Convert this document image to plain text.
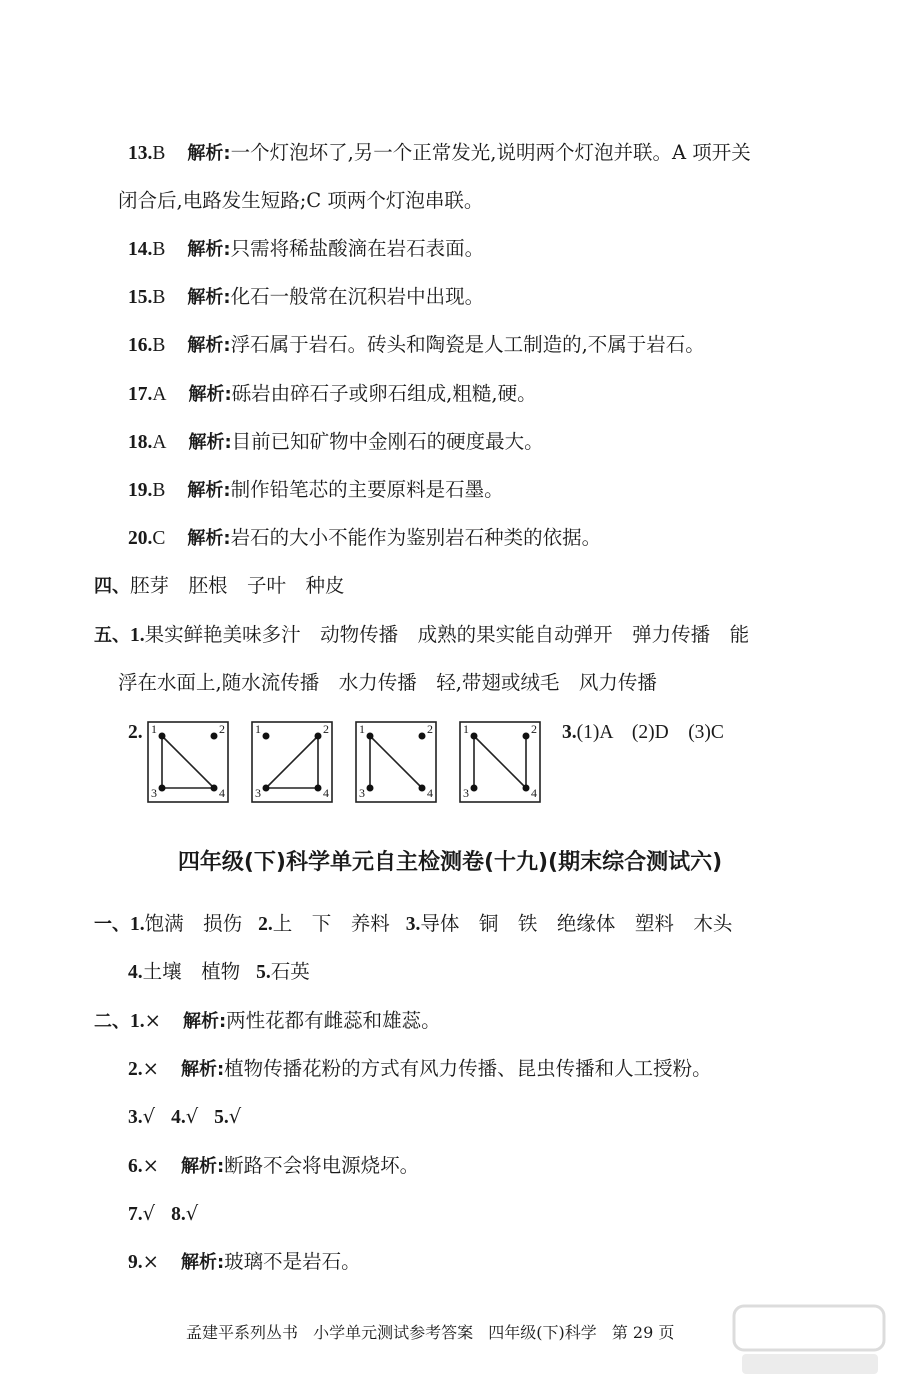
13.B 解析:一个灯泡坏了,另一个正常发光,说明两个灯泡并联。A 项开关
闭合后,电路发生短路;C 项两个灯泡串联。
14.B 解析:只需将稀盐酸滴在岩石表面。
15.B 解析:化石一般常在沉积岩中出现。
16.B 解析:浮石属于岩石。砖头和陶瓷是人工制造的,不属于岩石。
17.A 解析:砾岩由碎石子或卵石组成,粗糙,硬。
18.A 解析:目前已知矿物中金刚石的硬度最大。
19.B 解析:制作铅笔芯的主要原料是石墨。
20.C 解析:岩石的大小不能作为鉴别岩石种类的依据。
四、胚芽　胚根　子叶　种皮
五、1.果实鲜艳美味多汁　动物传播　成熟的果实能自动弹开　弹力传播　能
浮在水面上,随水流传播　水力传播　轻,带翅或绒毛　风力传播
2. 1	2
3	4
1	2
3	4
1	2
3	4
1	2
3	4
3.(1)A　(2)D　(3)C
四年级(下)科学单元自主检测卷(十九)(期末综合测试六)
一、1.饱满　损伤 2.上　下　养料 3.导体　铜　铁　绝缘体　塑料　木头
4.土壤　植物 5.石英
二、1.× 解析:两性花都有雌蕊和雄蕊。
2.× 解析:植物传播花粉的方式有风力传播、昆虫传播和人工授粉。
3.√ 4.√ 5.√
6.× 解析:断路不会将电源烧坏。
7.√ 8.√
9.× 解析:玻璃不是岩石。
孟建平系列丛书 小学单元测试参考答案 四年级(下)科学 第 29 页
